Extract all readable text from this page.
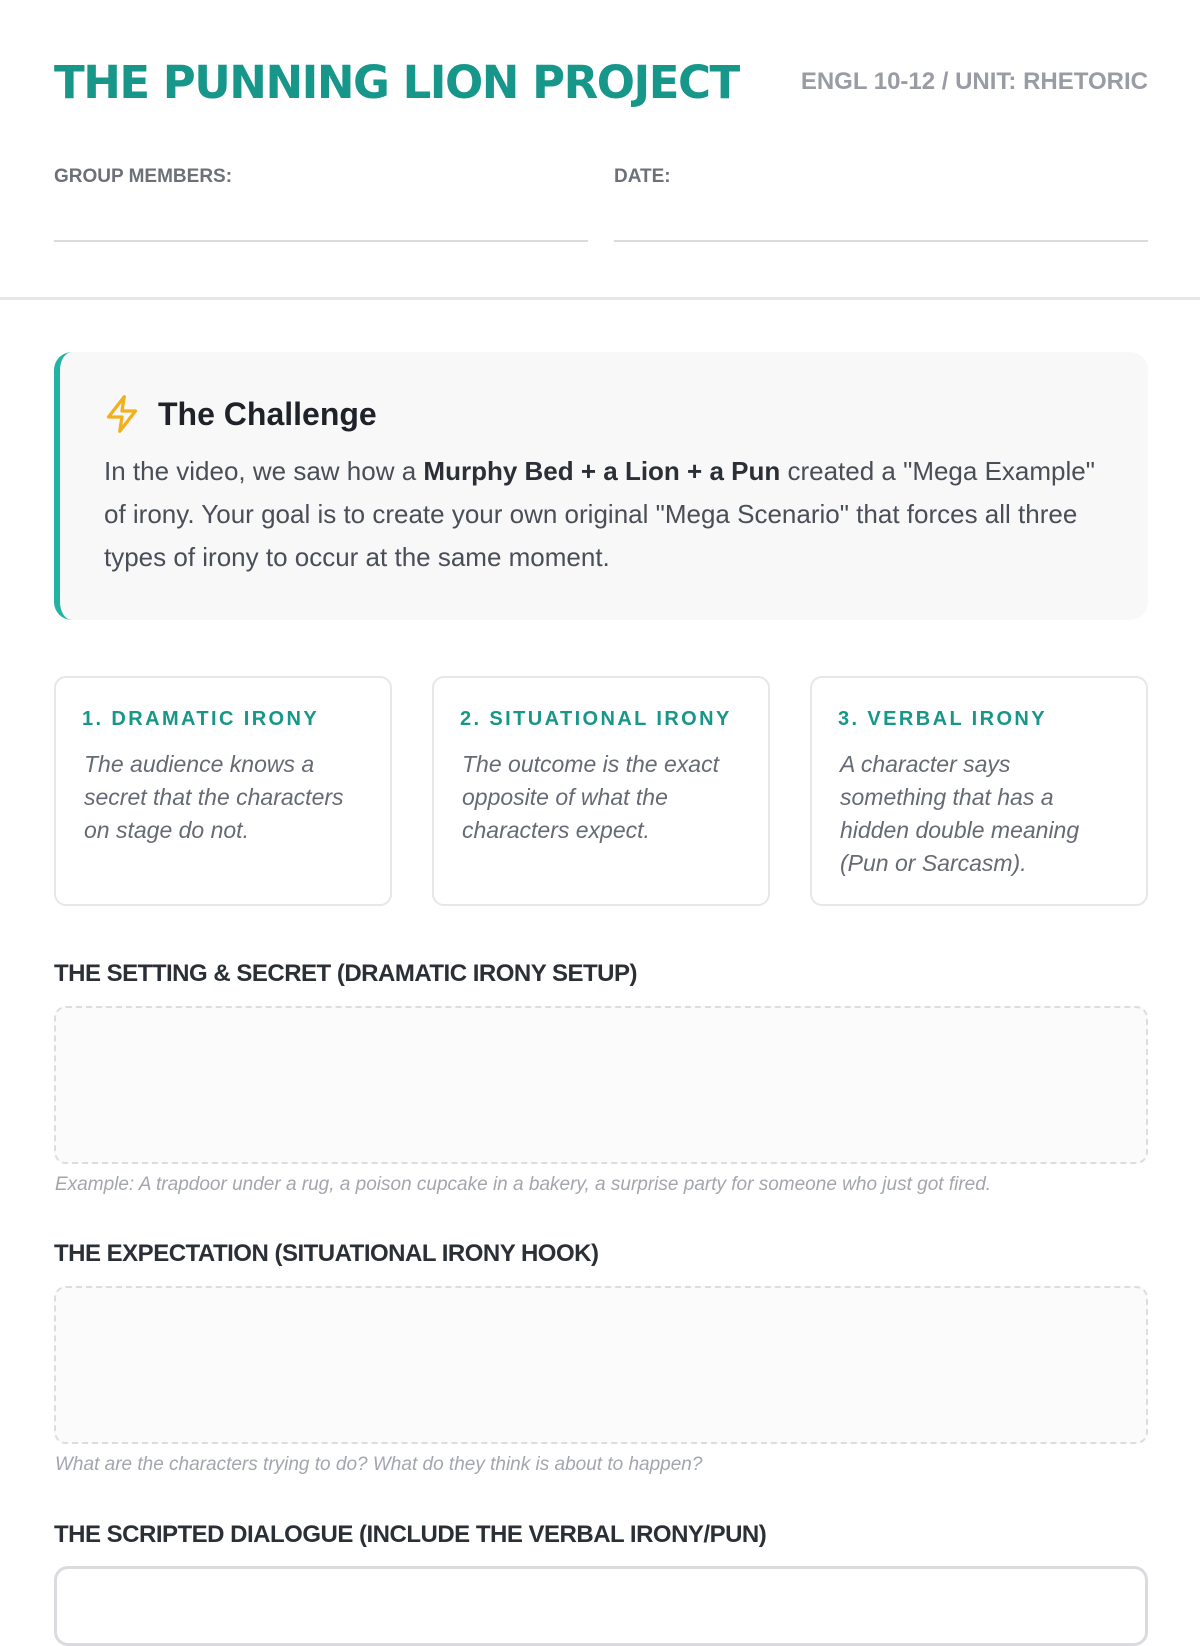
THE PUNNING LION PROJECT	ENGL 10-12 / UNIT: RHETORIC
GROUP MEMBERS:	DATE:
The Challenge
In the video, we saw how a Murphy Bed + a Lion + a Pun created a "Mega Example" of irony. Your goal is to create your own original "Mega Scenario" that forces all three types of irony to occur at the same moment.
1. DRAMATIC IRONY
The audience knows a secret that the characters on stage do not.
2. SITUATIONAL IRONY
The outcome is the exact opposite of what the characters expect.
3. VERBAL IRONY
A character says something that has a hidden double meaning (Pun or Sarcasm).
THE SETTING & SECRET (DRAMATIC IRONY SETUP)
Example: A trapdoor under a rug, a poison cupcake in a bakery, a surprise party for someone who just got fired.
THE EXPECTATION (SITUATIONAL IRONY HOOK)
What are the characters trying to do? What do they think is about to happen?
THE SCRIPTED DIALOGUE (INCLUDE THE VERBAL IRONY/PUN)
